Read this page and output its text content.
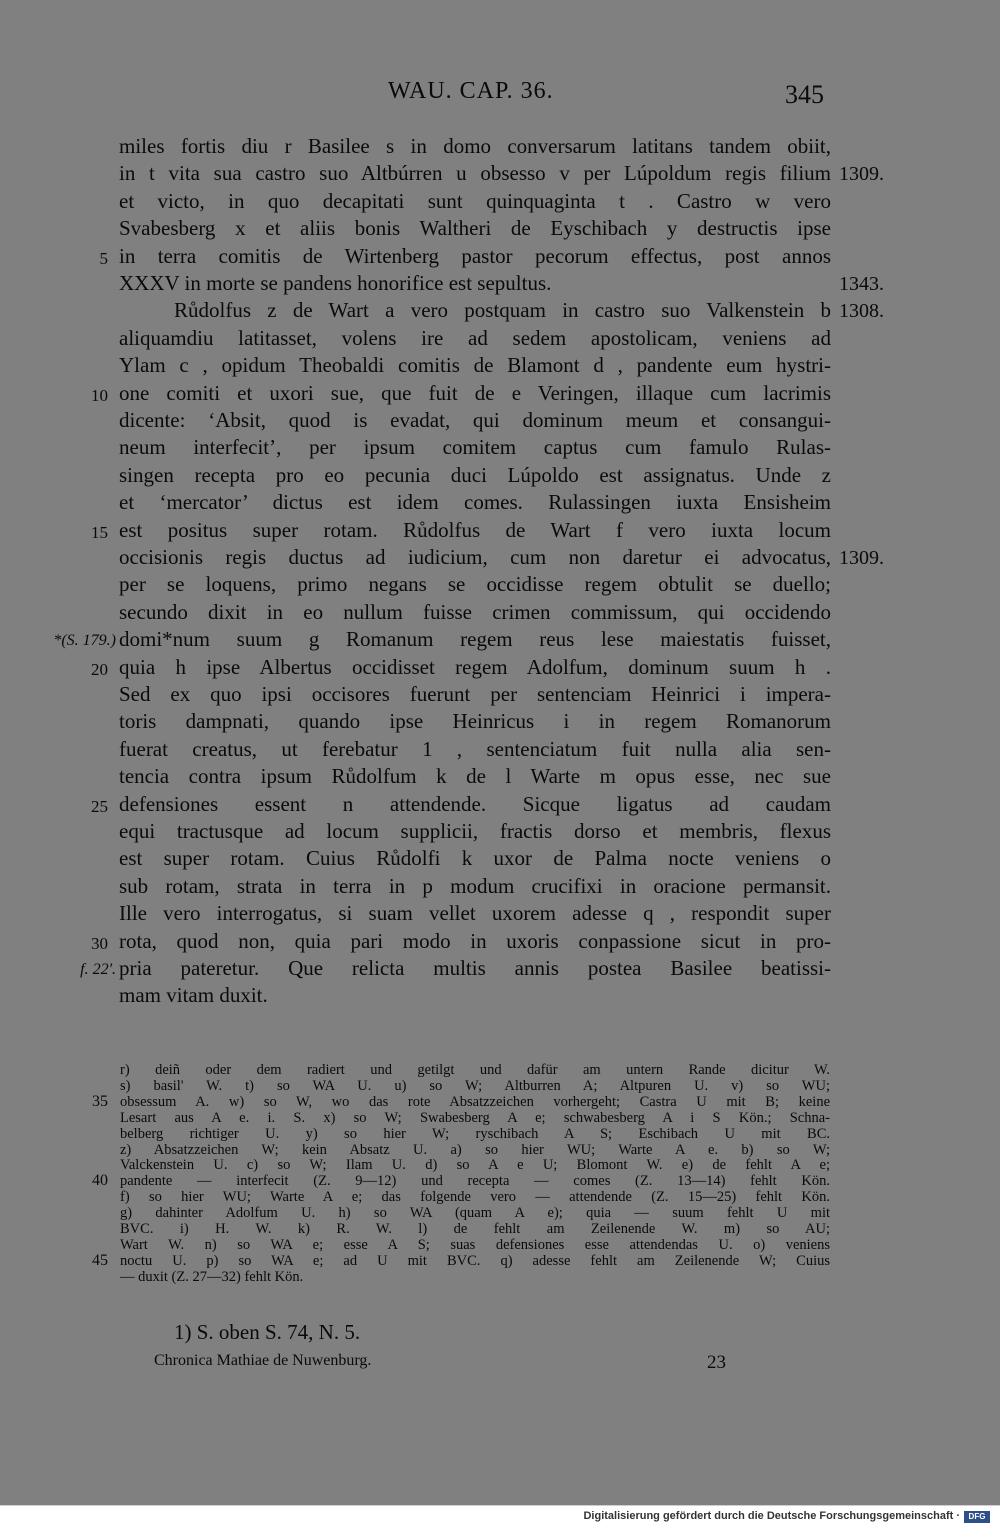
WAU. CAP. 36.	345
miles fortis diu r Basilee s in domo conversarum latitans tandem obiit,
in t vita sua castro suo Altbúrren u obsesso v per Lúpoldum regis filium 1309.
et victo, in quo decapitati sunt quinquaginta t . Castro w vero
Svabesberg x et aliis bonis Waltheri de Eyschibach y destructis ipse
5 in terra comitis de Wirtenberg pastor pecorum effectus, post annos
XXXV in morte se pandens honorifice est sepultus.	1343.
Růdolfus z de Wart a vero postquam in castro suo Valkenstein b 1308.
aliquamdiu latitasset, volens ire ad sedem apostolicam, veniens ad
Ylam c , opidum Theobaldi comitis de Blamont d , pandente eum hystri-
10 one comiti et uxori sue, que fuit de e Veringen, illaque cum lacrimis
dicente: ‘Absit, quod is evadat, qui dominum meum et consangui-
neum interfecit’, per ipsum comitem captus cum famulo Rulas-
singen recepta pro eo pecunia duci Lúpoldo est assignatus. Unde z
et ‘mercator’ dictus est idem comes. Rulassingen iuxta Ensisheim
15 est positus super rotam. Růdolfus de Wart f vero iuxta locum
occisionis regis ductus ad iudicium, cum non daretur ei advocatus, 1309.
per se loquens, primo negans se occidisse regem obtulit se duello;
secundo dixit in eo nullum fuisse crimen commissum, qui occidendo
*(S. 179.) domi*num suum g Romanum regem reus lese maiestatis fuisset,
20 quia h ipse Albertus occidisset regem Adolfum, dominum suum h .
Sed ex quo ipsi occisores fuerunt per sentenciam Heinrici i impera-
toris dampnati, quando ipse Heinricus i in regem Romanorum
fuerat creatus, ut ferebatur 1 , sentenciatum fuit nulla alia sen-
tencia contra ipsum Růdolfum k de l Warte m opus esse, nec sue
25 defensiones essent n attendende. Sicque ligatus ad caudam
equi tractusque ad locum supplicii, fractis dorso et membris, flexus
est super rotam. Cuius Růdolfi k uxor de Palma nocte veniens o
sub rotam, strata in terra in p modum crucifixi in oracione permansit.
Ille vero interrogatus, si suam vellet uxorem adesse q , respondit super
30 rota, quod non, quia pari modo in uxoris conpassione sicut in pro-
f. 22'. pria pateretur. Que relicta multis annis postea Basilee beatissi-
mam vitam duxit.
r) deiñ oder dem radiert und getilgt und dafür am untern Rande dicitur W.
s) basil' W. t) so WA U. u) so W; Altburren A; Altpuren U. v) so WU;
35 obsessum A. w) so W, wo das rote Absatzzeichen vorhergeht; Castra U mit B; keine
Lesart aus A e. i. S. x) so W; Swabesberg A e; schwabesberg A i S Kön.; Schna-
belberg richtiger U. y) so hier W; ryschibach A S; Eschibach U mit BC.
z) Absatzzeichen W; kein Absatz U. a) so hier WU; Warte A e. b) so W;
Valckenstein U. c) so W; Ilam U. d) so A e U; Blomont W. e) de fehlt A e;
40 pandente — interfecit (Z. 9—12) und recepta — comes (Z. 13—14) fehlt Kön.
f) so hier WU; Warte A e; das folgende vero — attendende (Z. 15—25) fehlt Kön.
g) dahinter Adolfum U. h) so WA (quam A e); quia — suum fehlt U mit
BVC. i) H. W. k) R. W. l) de fehlt am Zeilenende W. m) so AU;
Wart W. n) so WA e; esse A S; suas defensiones esse attendendas U. o) veniens
45 noctu U. p) so WA e; ad U mit BVC. q) adesse fehlt am Zeilenende W; Cuius
— duxit (Z. 27—32) fehlt Kön.
1) S. oben S. 74, N. 5.
Chronica Mathiae de Nuwenburg.	23
Digitalisierung gefördert durch die Deutsche Forschungsgemeinschaft ·	DFG
